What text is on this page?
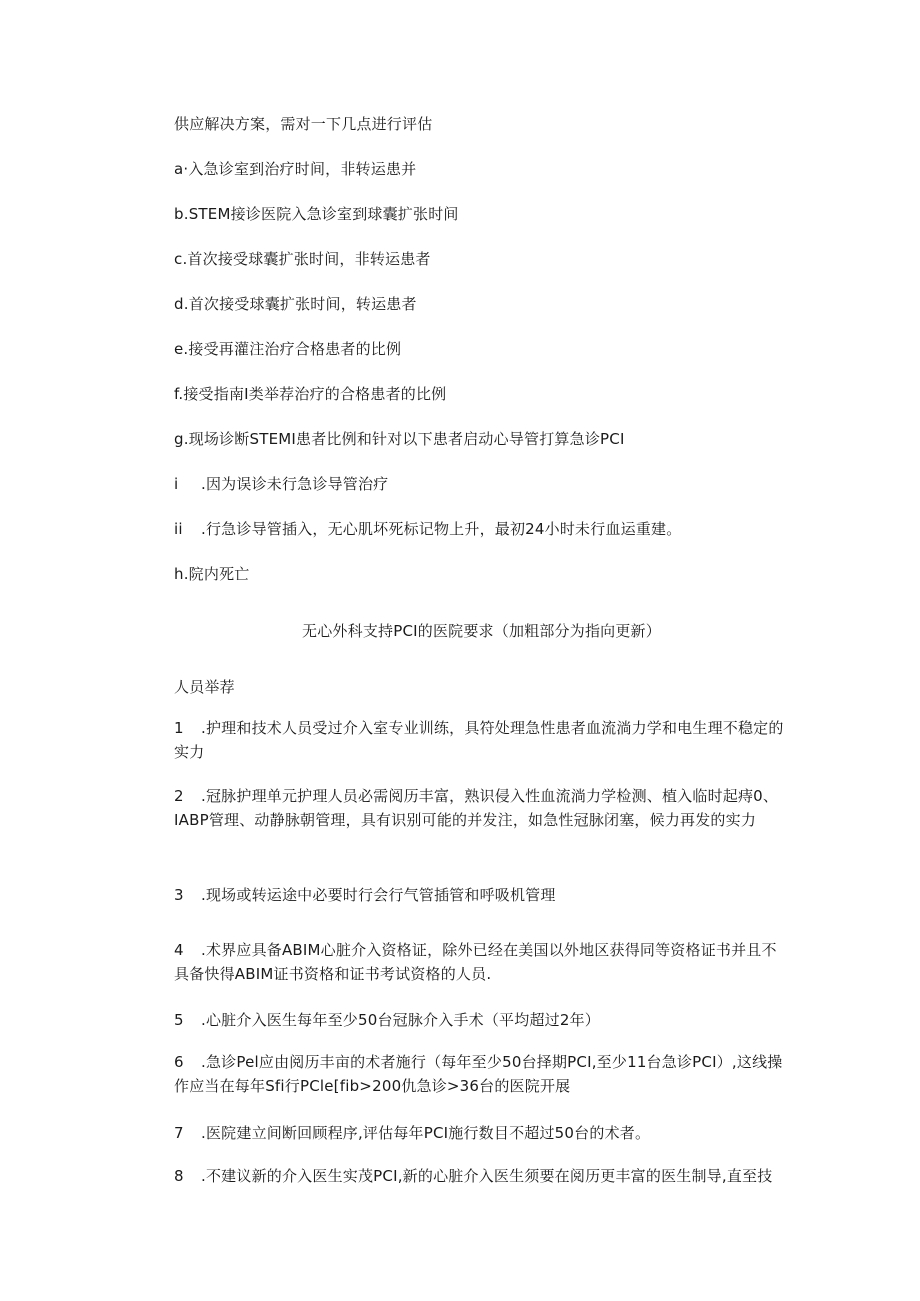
供应解决方案，需对一下几点进行评估
a·入急诊室到治疗时间，非转运患并
b.STEM接诊医院入急诊室到球囊扩张时间
c.首次接受球囊扩张时间，非转运患者
d.首次接受球囊扩张时间，转运患者
e.接受再灌注治疗合格患者的比例
f.接受指南I类举荐治疗的合格患者的比例
g.现场诊断STEMI患者比例和针对以下患者启动心导管打算急诊PCI
i .因为误诊未行急诊导管治疗
ii .行急诊导管插入，无心肌坏死标记物上升，最初24小时未行血运重建。
h.院内死亡
无心外科支持PCI的医院要求（加粗部分为指向更新）
人员举荐
1 .护理和技术人员受过介入室专业训练，具符处理急性患者血流淌力学和电生理不稳定的实力
2 .冠脉护理单元护理人员必需阅历丰富，熟识侵入性血流淌力学检测、植入临时起痔0、IABP管理、动静脉朝管理，具有识别可能的并发注，如急性冠脉闭塞，候力再发的实力
3 .现场或转运途中必要时行会行气管插管和呼吸机管理
4 .术界应具备ABIM心脏介入资格证，除外已经在美国以外地区获得同等资格证书并且不具备快得ABIM证书资格和证书考试资格的人员.
5 .心脏介入医生每年至少50台冠脉介入手术（平均超过2年）
6 .急诊Pel应由阅历丰亩的术者施行（每年至少50台择期PCI,至少11台急诊PCI）,这线操作应当在每年Sfi行PCle[fib>200仇急诊>36台的医院开展
7 .医院建立间断回顾程序,评估每年PCI施行数目不超过50台的术者。
8 .不建议新的介入医生实茂PCI,新的心脏介入医生须要在阅历更丰富的医生制导,直至技
